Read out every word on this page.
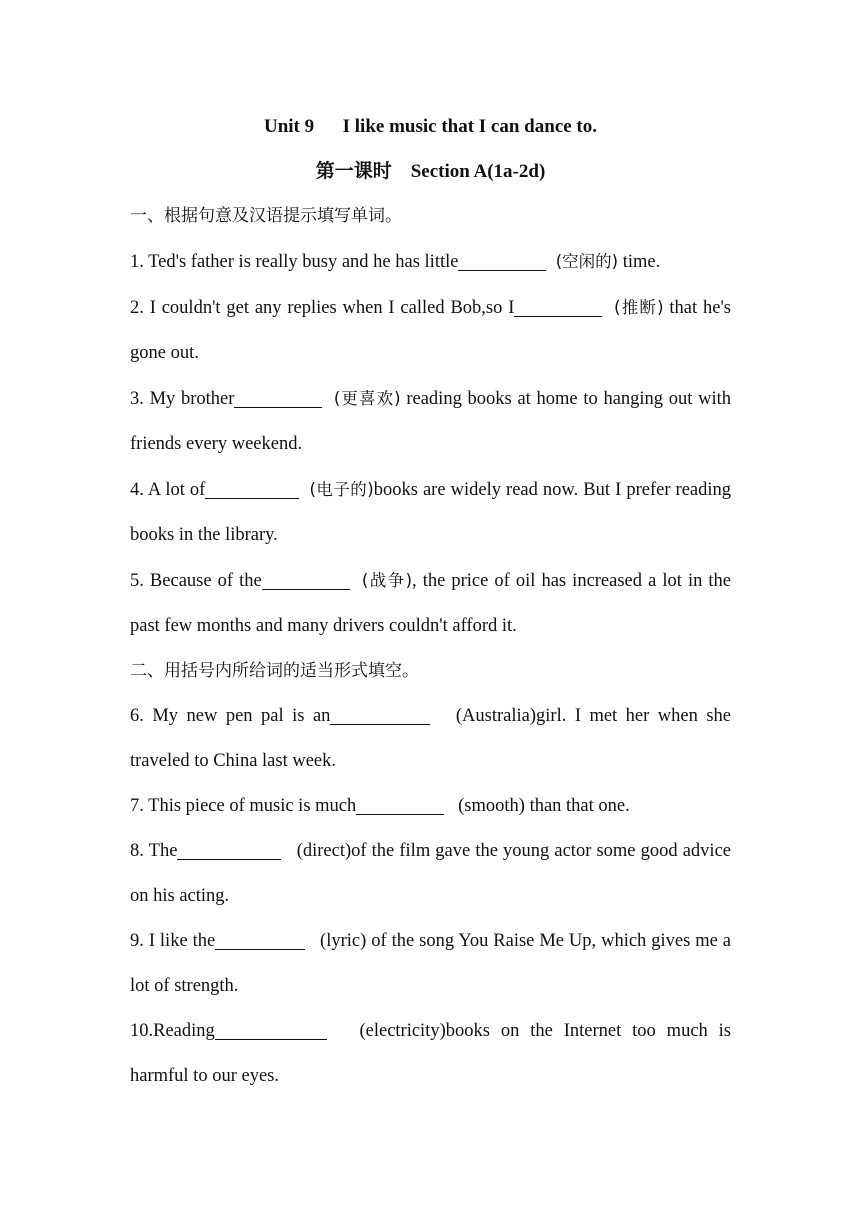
Unit 9      I like music that I can dance to.

第一课时    Section A(1a-2d)

一、根据句意及汉语提示填写单词。

1. Ted's father is really busy and he has little	(空闲的) time.

2. I couldn't get any replies when I called Bob,so I	(推断) that he's gone out.

3. My brother	(更喜欢) reading books at home to hanging out with friends every weekend.

4. A lot of	(电子的)books are widely read now. But I prefer reading books in the library.

5. Because of the	(战争), the price of oil has increased a lot in the past few months and many drivers couldn't afford it.

二、用括号内所给词的适当形式填空。

6. My new pen pal is an	(Australia)girl. I met her when she traveled to China last week.

7. This piece of music is much	(smooth) than that one.

8. The	(direct)of the film gave the young actor some good advice on his acting.

9. I like the	(lyric) of the song You Raise Me Up, which gives me a lot of strength.

10.Reading	(electricity)books on the Internet too much is harmful to our eyes.
